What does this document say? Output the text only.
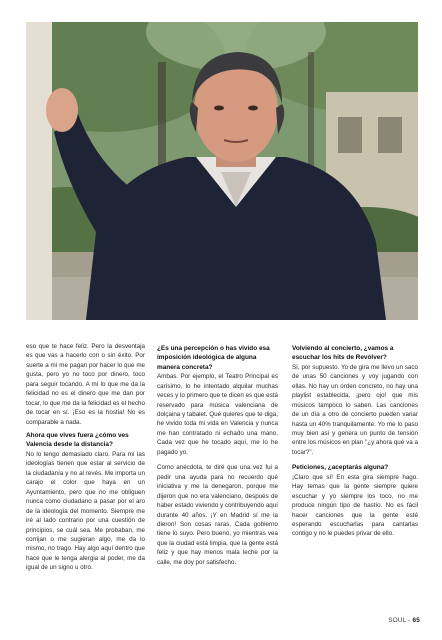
eso que te hace feliz. Pero la desventaja es que vas a hacerlo con o sin éxito. Por suerte a mí me pagan por hacer lo que me gusta, pero yo no toco por dinero, toco para seguir tocando. A mí lo que me da la felicidad no es el dinero que me dan por tocar, lo que me da la felicidad es el hecho de tocar en sí. ¡Eso es la hostia! No es comparable a nada.

Ahora que vives fuera ¿cómo ves Valencia desde la distancia?

No lo tengo demasiado claro. Para mí las ideologías tienen que estar al servicio de la ciudadanía y no al revés. Me importa un carajo el color que haya en un Ayuntamiento, pero que no me obliguen nunca como ciudadano a pasar por el aro de la ideología del momento. Siempre me iré al lado contrario por una cuestión de principios, se cuál sea. Me probaban, me corrijan o me sugieran algo, me da lo mismo, no trago. Hay algo aquí dentro que hace que le tenga alergia al poder, me da igual de un signo u otro.

¿Es una percepción o has vivido esa imposición ideológica de alguna manera concreta?

Ambas. Por ejemplo, el Teatro Principal es carísimo, lo he intentado alquilar muchas veces y lo primero que te dicen es que está reservado para música valenciana de dolçaina y tabalet. Qué quieres que te diga, he vivido toda mi vida en Valencia y nunca me han contratado ni echado una mano. Cada vez que he tocado aquí, me lo he pagado yo.

Como anécdota, te diré que una vez fui a pedir una ayuda para no recuerdo qué iniciativa y me la denegaron, porque me dijeron que no era valenciano, después de haber estado viviendo y contribuyendo aquí durante 40 años. ¡Y en Madrid sí me la dieron! Son cosas raras. Cada gobierno tiene lo suyo. Pero bueno, yo mientras vea que la ciudad está limpia, que la gente está feliz y que hay menos mala leche por la calle, me doy por satisfecho.

Volviendo al concierto, ¿vamos a escuchar los hits de Revólver?

Sí, por supuesto. Yo de gira me llevo un saco de unas 50 canciones y voy jugando con ellas. No hay un orden concreto, no hay una playlist establecida, ¡pero ojo! que mis músicos tampoco lo saben. Las canciones de un día a otro de concierto pueden variar hasta un 40% tranquilamente. Yo me lo paso muy bien así y genera un punto de tensión entre los músicos en plan "¿y ahora qué va a tocar?".

Peticiones, ¿aceptarás alguna?

¡Claro que sí! En esta gira siempre hago. Hay temas que la gente siempre quiere escuchar y yo siempre los toco, no me produce ningún tipo de hastío. No es fácil hacer canciones que la gente esté esperando escucharlas para cantarlas contigo y no le puedes privar de ello.

SOUL - 65
